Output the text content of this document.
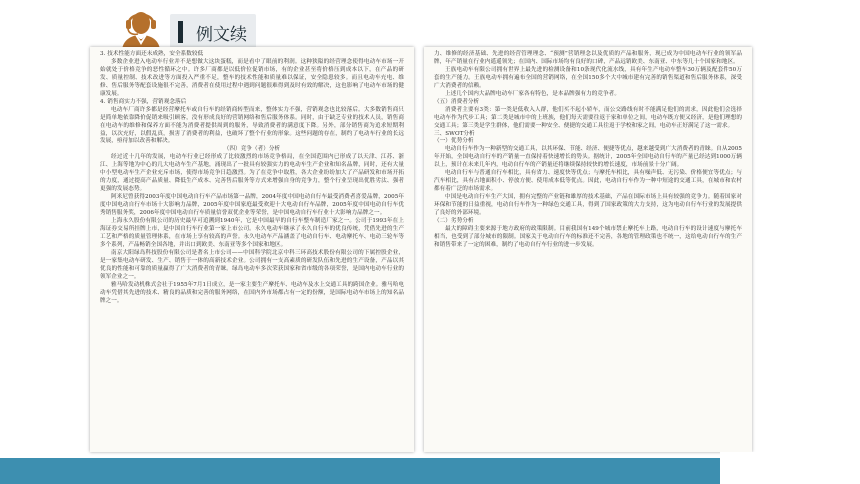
例文续

3. 技术性能方面还未成熟，安全系数较低

多数企业进入电动车行业并不是想做大这块蛋糕，而是看中了眼前的利润。这种狭隘的经营理念使得电动车市场一开始就处于价格竞争的恶性循环之中。许多厂商都是以低价位促销市场，有的企业甚至将价格压到成本以下，在产品的研发、质量控制、技术改进等方面投入严重不足，整车的技术性能和质量难以保证，安全隐患较多。而且电动车充电、维修、售后服务等配套设施很不完善，消费者在使用过程中遇到问题很难得到及时有效的解决，这也影响了电动车市场的健康发展。

4. 销售商实力不强，营销观念落后

电动车厂商许多都是经营摩托车或自行车的经销商转型而来，整体实力不强，营销观念也比较落后。大多数销售商只是简单地依靠降价促销来吸引顾客，没有形成良好的营销网络和售后服务体系。同时，由于缺乏专业的技术人员，销售商在电动车的维修和保养方面不能为消费者提供周到的服务，导致消费者的满意度下降。另外，部分销售商为追求短期利益，以次充好，以假乱真，损害了消费者的利益，也破坏了整个行业的形象。这些问题的存在，制约了电动车行业的长远发展，亟待加以改善和解决。

（四）竞争（者）分析

经过近十几年的发展，电动车行业已经形成了比较激烈的市场竞争格局，在全国范围内已形成了以天津、江苏、浙江、上海等地为中心的几大电动车生产基地，涌现出了一批具有较强实力的电动车生产企业和知名品牌，同时，还有大量中小型电动车生产企业充斥市场，使得市场竞争日趋激烈。为了在竞争中取胜，各大企业纷纷加大了产品研发和市场开拓的力度，通过提高产品质量、降低生产成本、完善售后服务等方式来增强自身的竞争力，整个行业呈现出优胜劣汰、强者更强的发展态势。

阿米尼曾获得2003年度中国电动自行车产品市场第一品牌，2004年度中国电动自行车最受消费者喜爱品牌，2005年度中国电动自行车市场十大影响力品牌，2005年度中国家庭最受欢迎十大电动自行车品牌，2005年度中国电动自行车优秀销售服务奖，2006年度中国电动自行车质量信誉双优企业等荣誉，是中国电动自行车行业十大影响力品牌之一。

上海永久股份有限公司的历史最早可追溯到1940年，它是中国最早的自行车整车制造厂家之一。公司于1993年在上海证券交易所挂牌上市，是中国自行车行业第一家上市公司。永久电动车继承了永久自行车的优良传统，凭借先进的生产工艺和严格的质量管理体系，在市场上享有较高的声誉。永久电动车产品涵盖了电动自行车、电动摩托车、电动三轮车等多个系列，产品畅销全国各地，并出口到欧美、东南亚等多个国家和地区。

南京大阳绿岛科技股份有限公司是著名上市公司——中国科学院北京中科三环高技术股份有限公司的下属控股企业，是一家集电动车研发、生产、销售于一体的高新技术企业。公司拥有一支高素质的研发队伍和先进的生产设备，产品以其优良的性能和可靠的质量赢得了广大消费者的青睐。绿岛电动车多次荣获国家和省市级的各项荣誉，是国内电动车行业的领军企业之一。

雅马哈发动机株式会社于1955年7月1日成立，是一家主要生产摩托车、电动车及水上交通工具的跨国企业。雅马哈电动车凭借其先进的技术、精良的品质和完善的服务网络，在国内外市场都占有一定的份额，是国际电动车市场上的知名品牌之一。

力、维修的经济基础、先进的经营管理理念、“预测”营销理念以及优质的产品和服务，现已成为中国电动车行业的领军品牌，年产销量在行业内遥遥领先；在国内、国际市场均有良好的口碑，产品远销欧美、东南亚、中东等几十个国家和地区。

王族电动车有限公司拥有世界上最先进的检测设备和10条现代化流水线，具有年生产电动车整车30万辆及配套件50万套的生产能力。王族电动车拥有遍布全国的营销网络，在全国150多个大中城市建有完善的销售渠道和售后服务体系，深受广大消费者的信赖。

上述几个国内大品牌电动车厂家各有特色，是本品牌强有力的竞争者。

（五）消费者分析

消费者主要有3类：第一类是低收入人群，他们买不起小轿车，而公交路线有时不能满足他们的需求，因此他们会选择电动车作为代步工具；第二类是城市中的上班族，他们每天需要往返于家和单位之间，电动车既方便又经济，是他们理想的交通工具；第三类是学生群体，他们需要一种安全、便捷的交通工具往返于学校和家之间，电动车正好满足了这一需求。

三、SWOT分析

（一）优势分析

电动自行车作为一种新型的交通工具，以其环保、节能、经济、便捷等优点，越来越受到广大消费者的青睐。自从2005年开始，全国电动自行车的产销量一直保持着快速增长的势头。据统计，2005年全国电动自行车的产量已经达到1000万辆以上，预计在未来几年内，电动自行车的产销量还将继续保持较快的增长速度，市场前景十分广阔。

电动自行车与普通自行车相比，具有省力、速度快等优点；与摩托车相比，具有噪声低、无污染、价格便宜等优点；与汽车相比，具有占地面积小、停放方便、使用成本低等优点。因此，电动自行车作为一种中短途的交通工具，在城市和农村都有着广泛的市场需求。

中国是电动自行车生产大国，拥有完整的产业链和雄厚的技术基础，产品在国际市场上具有较强的竞争力。随着国家对环保和节能的日益重视，电动自行车作为一种绿色交通工具，得到了国家政策的大力支持，这为电动自行车行业的发展提供了良好的外部环境。

（二）劣势分析

最大的障碍主要来源于地方政府的政策限制。目前我国有149个城市禁止摩托车上路，电动自行车的设计速度与摩托车相当，也受到了部分城市的限制。国家关于电动自行车的标准还不完善，各地的管理政策也不统一，这给电动自行车的生产和销售带来了一定的困难，制约了电动自行车行业的进一步发展。
